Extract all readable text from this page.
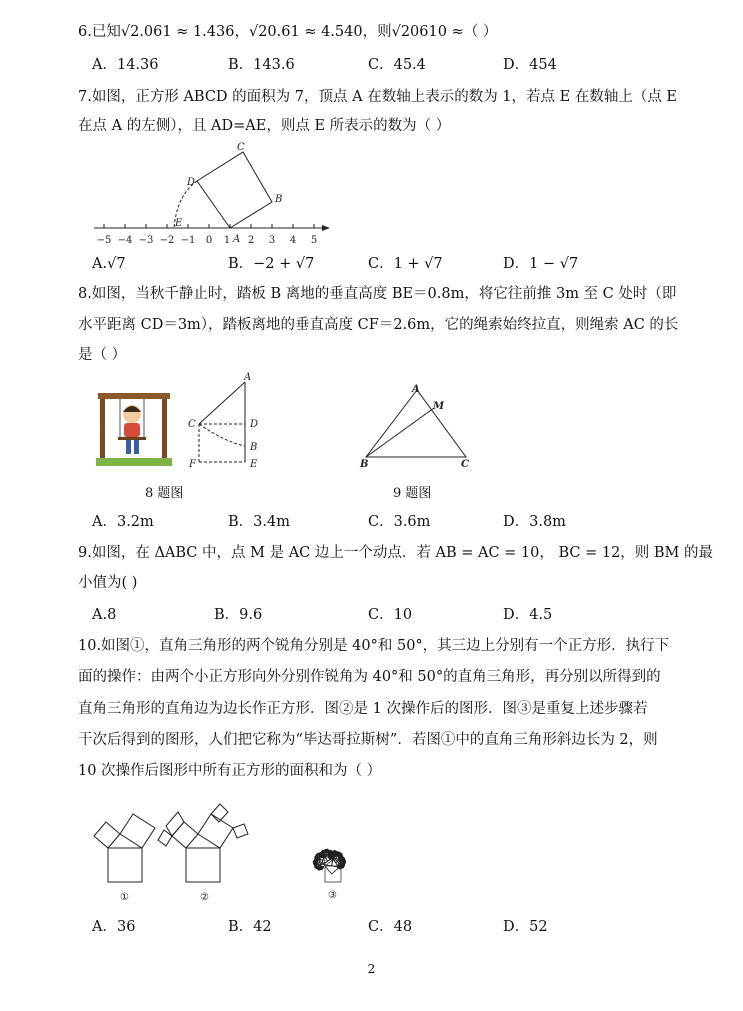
6.已知√2.061 ≈ 1.436，√20.61 ≈ 4.540，则√20610 ≈（ ）
A．14.36	B．143.6	C．45.4	D．454
7.如图，正方形 ABCD 的面积为 7，顶点 A 在数轴上表示的数为 1，若点 E 在数轴上（点 E
在点 A 的左侧），且 AD=AE，则点 E 所表示的数为（ ）
−5 −4 −3 −2 −1 0 1 2 3 4 5
C
D
B
E
A
A.√7	B．−2 + √7	C．1 + √7	D．1 − √7
8.如图，当秋千静止时，踏板 B 离地的垂直高度 BE＝0.8m，将它往前推 3m 至 C 处时（即
水平距离 CD＝3m），踏板离地的垂直高度 CF＝2.6m，它的绳索始终拉直，则绳索 AC 的长
是（ ）
A
C	D
B
F	E
A
M
B	C
8 题图	9 题图
A．3.2m	B．3.4m	C．3.6m	D．3.8m
9.如图，在 ΔABC 中，点 M 是 AC 边上一个动点．若 AB = AC = 10， BC = 12，则 BM 的最
小值为( )
A.8	B．9.6	C．10	D．4.5
10.如图①，直角三角形的两个锐角分别是 40°和 50°，其三边上分别有一个正方形．执行下
面的操作：由两个小正方形向外分别作锐角为 40°和 50°的直角三角形，再分别以所得到的
直角三角形的直角边为边长作正方形．图②是 1 次操作后的图形．图③是重复上述步骤若
干次后得到的图形，人们把它称为“毕达哥拉斯树”．若图①中的直角三角形斜边长为 2，则
10 次操作后图形中所有正方形的面积和为（ ）
①	②	③
A．36	B．42	C．48	D．52
2
